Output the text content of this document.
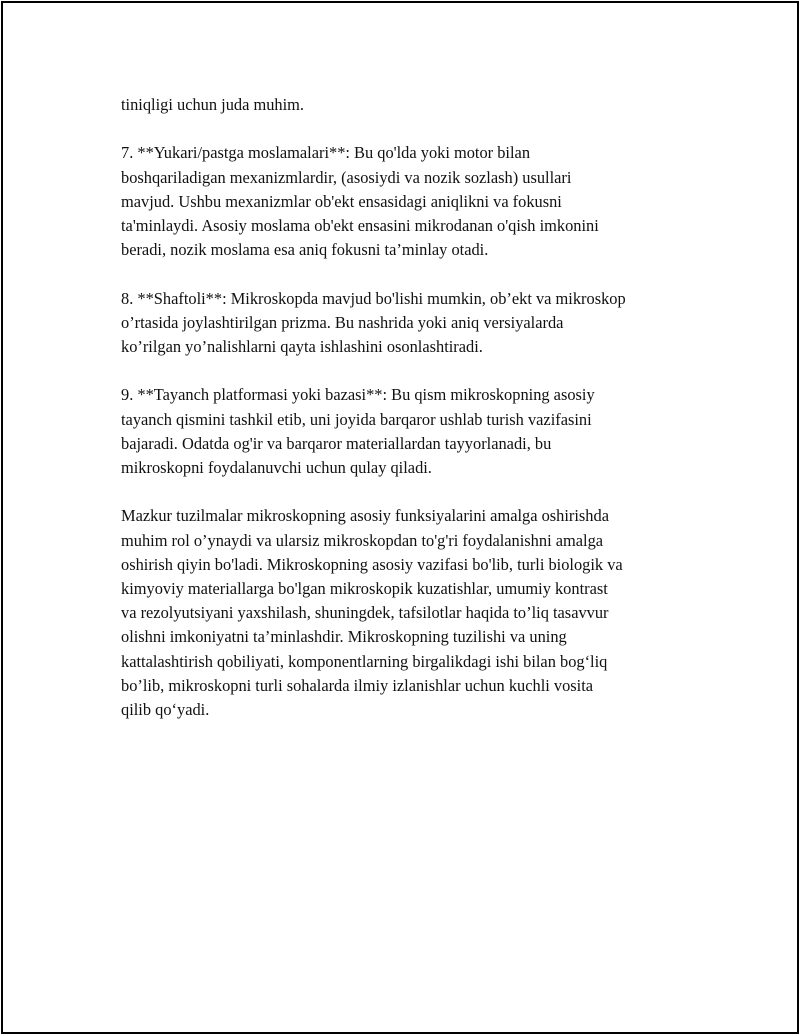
tiniqligi uchun juda muhim.

7. **Yukari/pastga moslamalari**: Bu qo'lda yoki motor bilan
boshqariladigan mexanizmlardir, (asosiydi va nozik sozlash) usullari
mavjud. Ushbu mexanizmlar ob'ekt ensasidagi aniqlikni va fokusni
ta'minlaydi. Asosiy moslama ob'ekt ensasini mikrodanan o'qish imkonini
beradi, nozik moslama esa aniq fokusni ta’minlay otadi.

8. **Shaftoli**: Mikroskopda mavjud bo'lishi mumkin, ob’ekt va mikroskop
o’rtasida joylashtirilgan prizma. Bu nashrida yoki aniq versiyalarda
ko’rilgan yo’nalishlarni qayta ishlashini osonlashtiradi.

9. **Tayanch platformasi yoki bazasi**: Bu qism mikroskopning asosiy
tayanch qismini tashkil etib, uni joyida barqaror ushlab turish vazifasini
bajaradi. Odatda og'ir va barqaror materiallardan tayyorlanadi, bu
mikroskopni foydalanuvchi uchun qulay qiladi.

Mazkur tuzilmalar mikroskopning asosiy funksiyalarini amalga oshirishda
muhim rol o’ynaydi va ularsiz mikroskopdan to'g'ri foydalanishni amalga
oshirish qiyin bo'ladi. Mikroskopning asosiy vazifasi bo'lib, turli biologik va
kimyoviy materiallarga bo'lgan mikroskopik kuzatishlar, umumiy kontrast
va rezolyutsiyani yaxshilash, shuningdek, tafsilotlar haqida to’liq tasavvur
olishni imkoniyatni ta’minlashdir. Mikroskopning tuzilishi va uning
kattalashtirish qobiliyati, komponentlarning birgalikdagi ishi bilan bog‘liq
bo’lib, mikroskopni turli sohalarda ilmiy izlanishlar uchun kuchli vosita
qilib qo‘yadi.
